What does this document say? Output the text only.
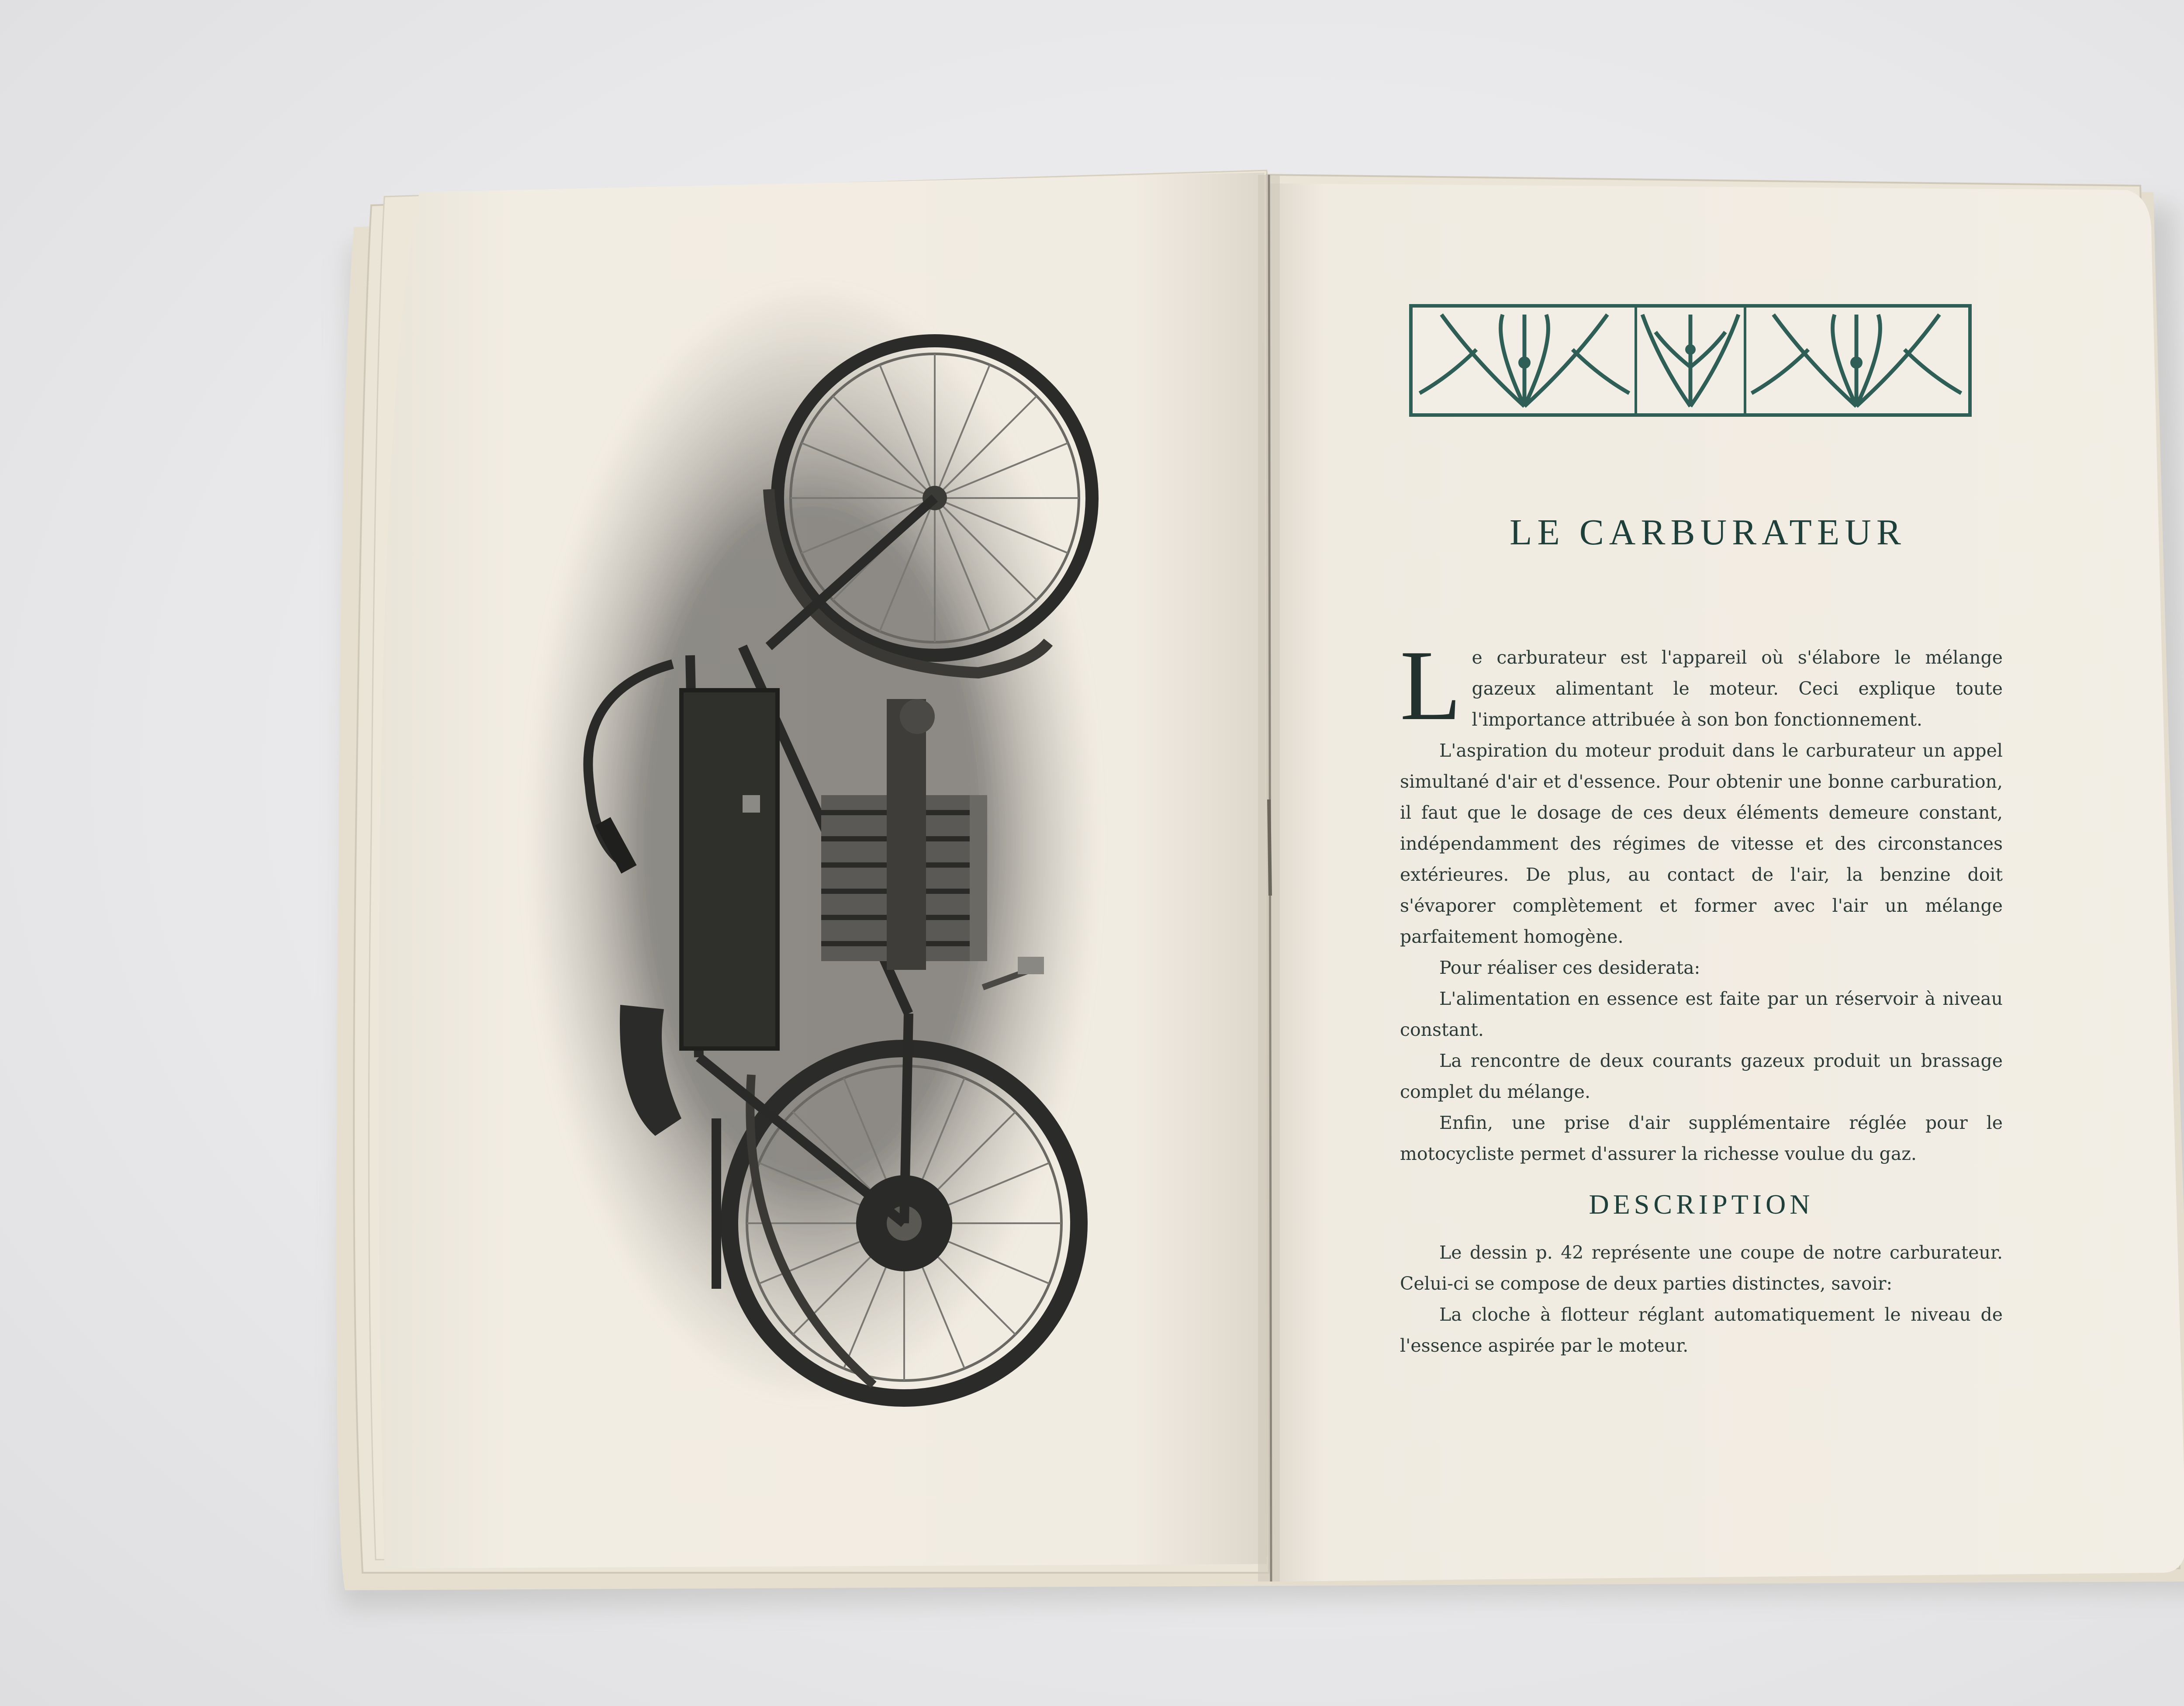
LE CARBURATEUR

Le carburateur est l'appareil où s'élabore le mélange gazeux alimentant le moteur. Ceci explique toute l'importance attribuée à son bon fonctionnement.

L'aspiration du moteur produit dans le carburateur un appel simultané d'air et d'essence. Pour obtenir une bonne carburation, il faut que le dosage de ces deux éléments demeure constant, indépendamment des régimes de vitesse et des circonstances extérieures. De plus, au contact de l'air, la benzine doit s'évaporer complètement et former avec l'air un mélange parfaitement homogène.

Pour réaliser ces desiderata:

L'alimentation en essence est faite par un réservoir à niveau constant.

La rencontre de deux courants gazeux produit un brassage complet du mélange.

Enfin, une prise d'air supplémentaire réglée pour le motocycliste permet d'assurer la richesse voulue du gaz.

DESCRIPTION

Le dessin p. 42 représente une coupe de notre carburateur. Celui-ci se compose de deux parties distinctes, savoir:

La cloche à flotteur réglant automatiquement le niveau de l'essence aspirée par le moteur.
